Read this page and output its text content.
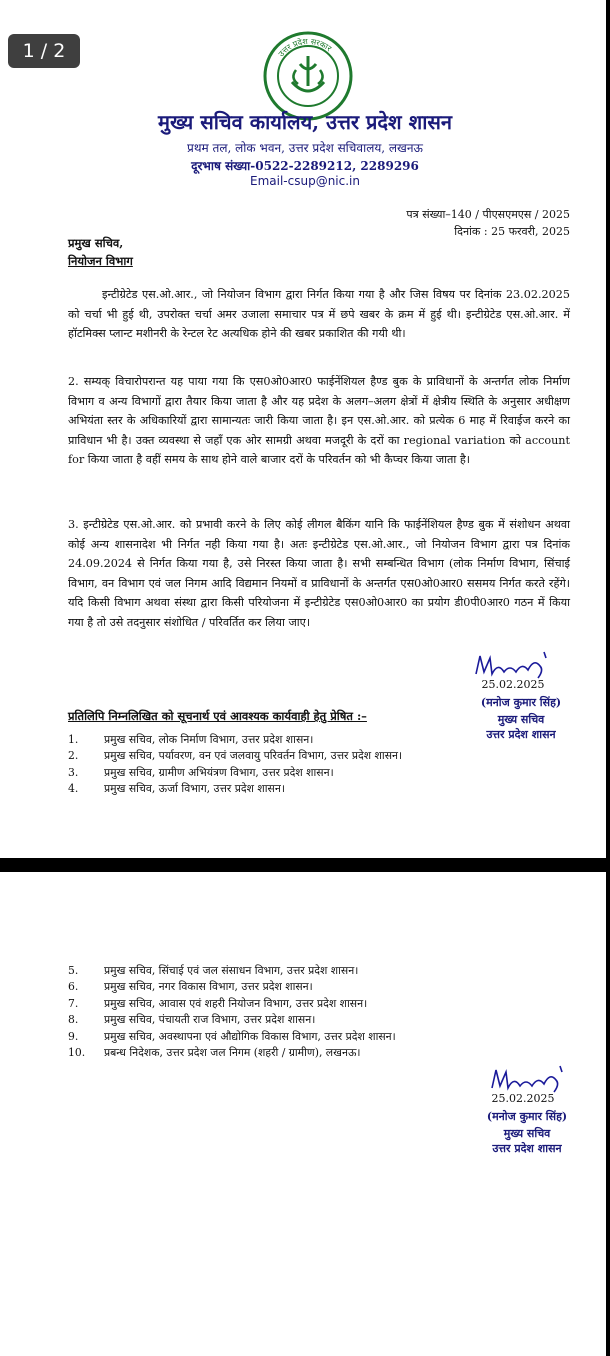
1 / 2	उत्तर प्रदेश सरकार
मुख्य सचिव कार्यालय, उत्तर प्रदेश शासन
प्रथम तल, लोक भवन, उत्तर प्रदेश सचिवालय, लखनऊ
दूरभाष संख्या-0522-2289212, 2289296
Email-csup@nic.in
पत्र संख्या–140 / पीएसएमएस / 2025
दिनांक : 25 फरवरी, 2025
प्रमुख सचिव,
नियोजन विभाग

इन्टीग्रेटेड एस.ओ.आर., जो नियोजन विभाग द्वारा निर्गत किया गया है और जिस विषय पर दिनांक 23.02.2025 को चर्चा भी हुई थी, उपरोक्त चर्चा अमर उजाला समाचार पत्र में छपे खबर के क्रम में हुई थी। इन्टीग्रेटेड एस.ओ.आर. में हॉटमिक्स प्लान्ट मशीनरी के रेन्टल रेट अत्यधिक होने की खबर प्रकाशित की गयी थी।

2. सम्यक् विचारोपरान्त यह पाया गया कि एस0ओ0आर0 फाईनेंशियल हैण्ड बुक के प्राविधानों के अन्तर्गत लोक निर्माण विभाग व अन्य विभागों द्वारा तैयार किया जाता है और यह प्रदेश के अलग–अलग क्षेत्रों में क्षेत्रीय स्थिति के अनुसार अधीक्षण अभियंता स्तर के अधिकारियों द्वारा सामान्यतः जारी किया जाता है। इन एस.ओ.आर. को प्रत्येक 6 माह में रिवाईज करने का प्राविधान भी है। उक्त व्यवस्था से जहाँ एक ओर सामग्री अथवा मजदूरी के दरों का regional variation को account for किया जाता है वहीं समय के साथ होने वाले बाजार दरों के परिवर्तन को भी कैप्चर किया जाता है।

3. इन्टीग्रेटेड एस.ओ.आर. को प्रभावी करने के लिए कोई लीगल बैकिंग यानि कि फाईनेंशियल हैण्ड बुक में संशोधन अथवा कोई अन्य शासनादेश भी निर्गत नही किया गया है। अतः इन्टीग्रेटेड एस.ओ.आर., जो नियोजन विभाग द्वारा पत्र दिनांक 24.09.2024 से निर्गत किया गया है, उसे निरस्त किया जाता है। सभी सम्बन्धित विभाग (लोक निर्माण विभाग, सिंचाई विभाग, वन विभाग एवं जल निगम आदि विद्यमान नियमों व प्राविधानों के अन्तर्गत एस0ओ0आर0 ससमय निर्गत करते रहेंगे। यदि किसी विभाग अथवा संस्था द्वारा किसी परियोजना में इन्टीग्रेटेड एस0ओ0आर0 का प्रयोग डी0पी0आर0 गठन में किया गया है तो उसे तदनुसार संशोधित / परिवर्तित कर लिया जाए।

25.02.2025
(मनोज कुमार सिंह)
मुख्य सचिव
उत्तर प्रदेश शासन
प्रतिलिपि निम्नलिखित को सूचनार्थ एवं आवश्यक कार्यवाही हेतु प्रेषित :–
1.	प्रमुख सचिव, लोक निर्माण विभाग, उत्तर प्रदेश शासन।
2.	प्रमुख सचिव, पर्यावरण, वन एवं जलवायु परिवर्तन विभाग, उत्तर प्रदेश शासन।
3.	प्रमुख सचिव, ग्रामीण अभियंत्रण विभाग, उत्तर प्रदेश शासन।
4.	प्रमुख सचिव, ऊर्जा विभाग, उत्तर प्रदेश शासन।
5.	प्रमुख सचिव, सिंचाई एवं जल संसाधन विभाग, उत्तर प्रदेश शासन।
6.	प्रमुख सचिव, नगर विकास विभाग, उत्तर प्रदेश शासन।
7.	प्रमुख सचिव, आवास एवं शहरी नियोजन विभाग, उत्तर प्रदेश शासन।
8.	प्रमुख सचिव, पंचायती राज विभाग, उत्तर प्रदेश शासन।
9.	प्रमुख सचिव, अवस्थापना एवं औद्योगिक विकास विभाग, उत्तर प्रदेश शासन।
10.	प्रबन्ध निदेशक, उत्तर प्रदेश जल निगम (शहरी / ग्रामीण), लखनऊ।
25.02.2025
(मनोज कुमार सिंह)
मुख्य सचिव
उत्तर प्रदेश शासन
